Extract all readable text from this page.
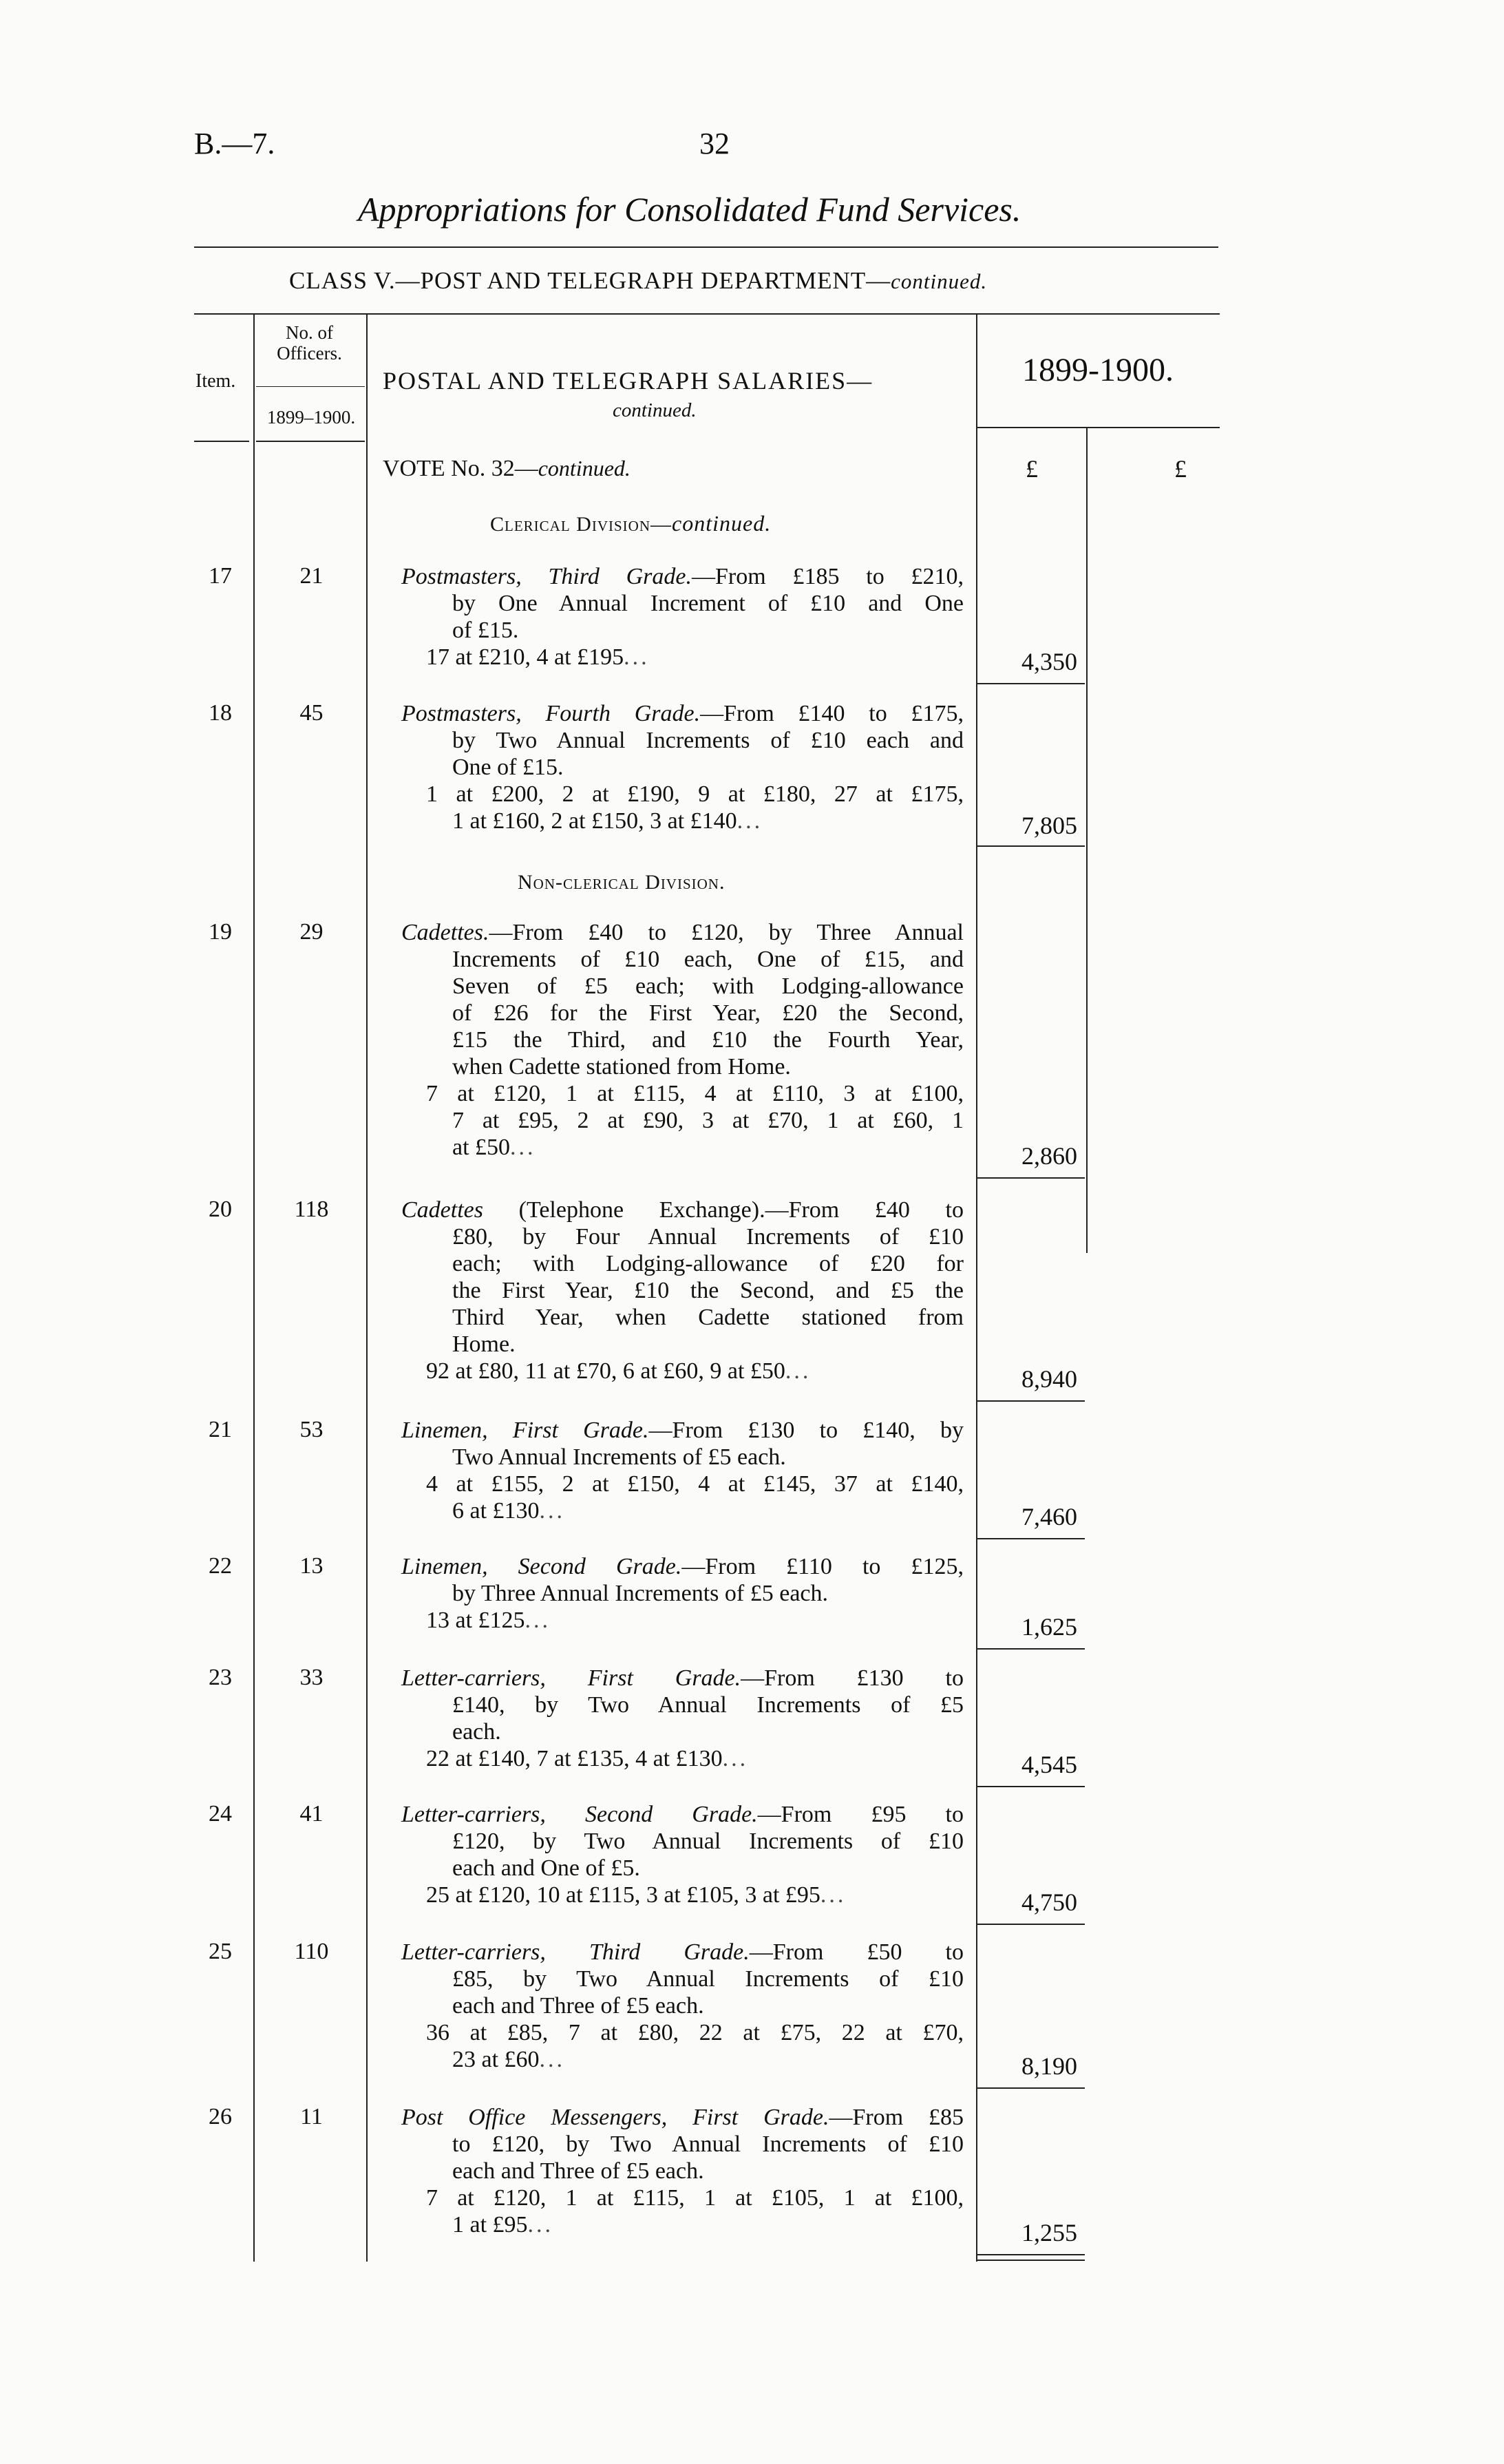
B.—7.	32
Appropriations for Consolidated Fund Services.
CLASS V.—POST AND TELEGRAPH DEPARTMENT—continued.
Item.
No. of
Officers.
1899–1900.
POSTAL AND TELEGRAPH SALARIES—
continued.
1899-1900.
VOTE No. 32—continued.	£	£
Clerical Division—continued.
Non-clerical Division.
17	21	Postmasters, Third Grade.—From £185 to £210,
by One Annual Increment of £10 and One
of £15.
17 at £210, 4 at £195...	4,350
18	45	Postmasters, Fourth Grade.—From £140 to £175,
by Two Annual Increments of £10 each and
One of £15.
1 at £200, 2 at £190, 9 at £180, 27 at £175,
1 at £160, 2 at £150, 3 at £140...	7,805
19	29	Cadettes.—From £40 to £120, by Three Annual
Increments of £10 each, One of £15, and
Seven of £5 each; with Lodging-allowance
of £26 for the First Year, £20 the Second,
£15 the Third, and £10 the Fourth Year,
when Cadette stationed from Home.
7 at £120, 1 at £115, 4 at £110, 3 at £100,
7 at £95, 2 at £90, 3 at £70, 1 at £60, 1
at £50...	2,860
20	118	Cadettes (Telephone Exchange).—From £40 to
£80, by Four Annual Increments of £10
each; with Lodging-allowance of £20 for
the First Year, £10 the Second, and £5 the
Third Year, when Cadette stationed from
Home.
92 at £80, 11 at £70, 6 at £60, 9 at £50...	8,940
21	53	Linemen, First Grade.—From £130 to £140, by
Two Annual Increments of £5 each.
4 at £155, 2 at £150, 4 at £145, 37 at £140,
6 at £130...	7,460
22	13	Linemen, Second Grade.—From £110 to £125,
by Three Annual Increments of £5 each.
13 at £125...	1,625
23	33	Letter-carriers, First Grade.—From £130 to
£140, by Two Annual Increments of £5
each.
22 at £140, 7 at £135, 4 at £130...	4,545
24	41	Letter-carriers, Second Grade.—From £95 to
£120, by Two Annual Increments of £10
each and One of £5.
25 at £120, 10 at £115, 3 at £105, 3 at £95...	4,750
25	110	Letter-carriers, Third Grade.—From £50 to
£85, by Two Annual Increments of £10
each and Three of £5 each.
36 at £85, 7 at £80, 22 at £75, 22 at £70,
23 at £60...	8,190
26	11	Post Office Messengers, First Grade.—From £85
to £120, by Two Annual Increments of £10
each and Three of £5 each.
7 at £120, 1 at £115, 1 at £105, 1 at £100,
1 at £95...	1,255
